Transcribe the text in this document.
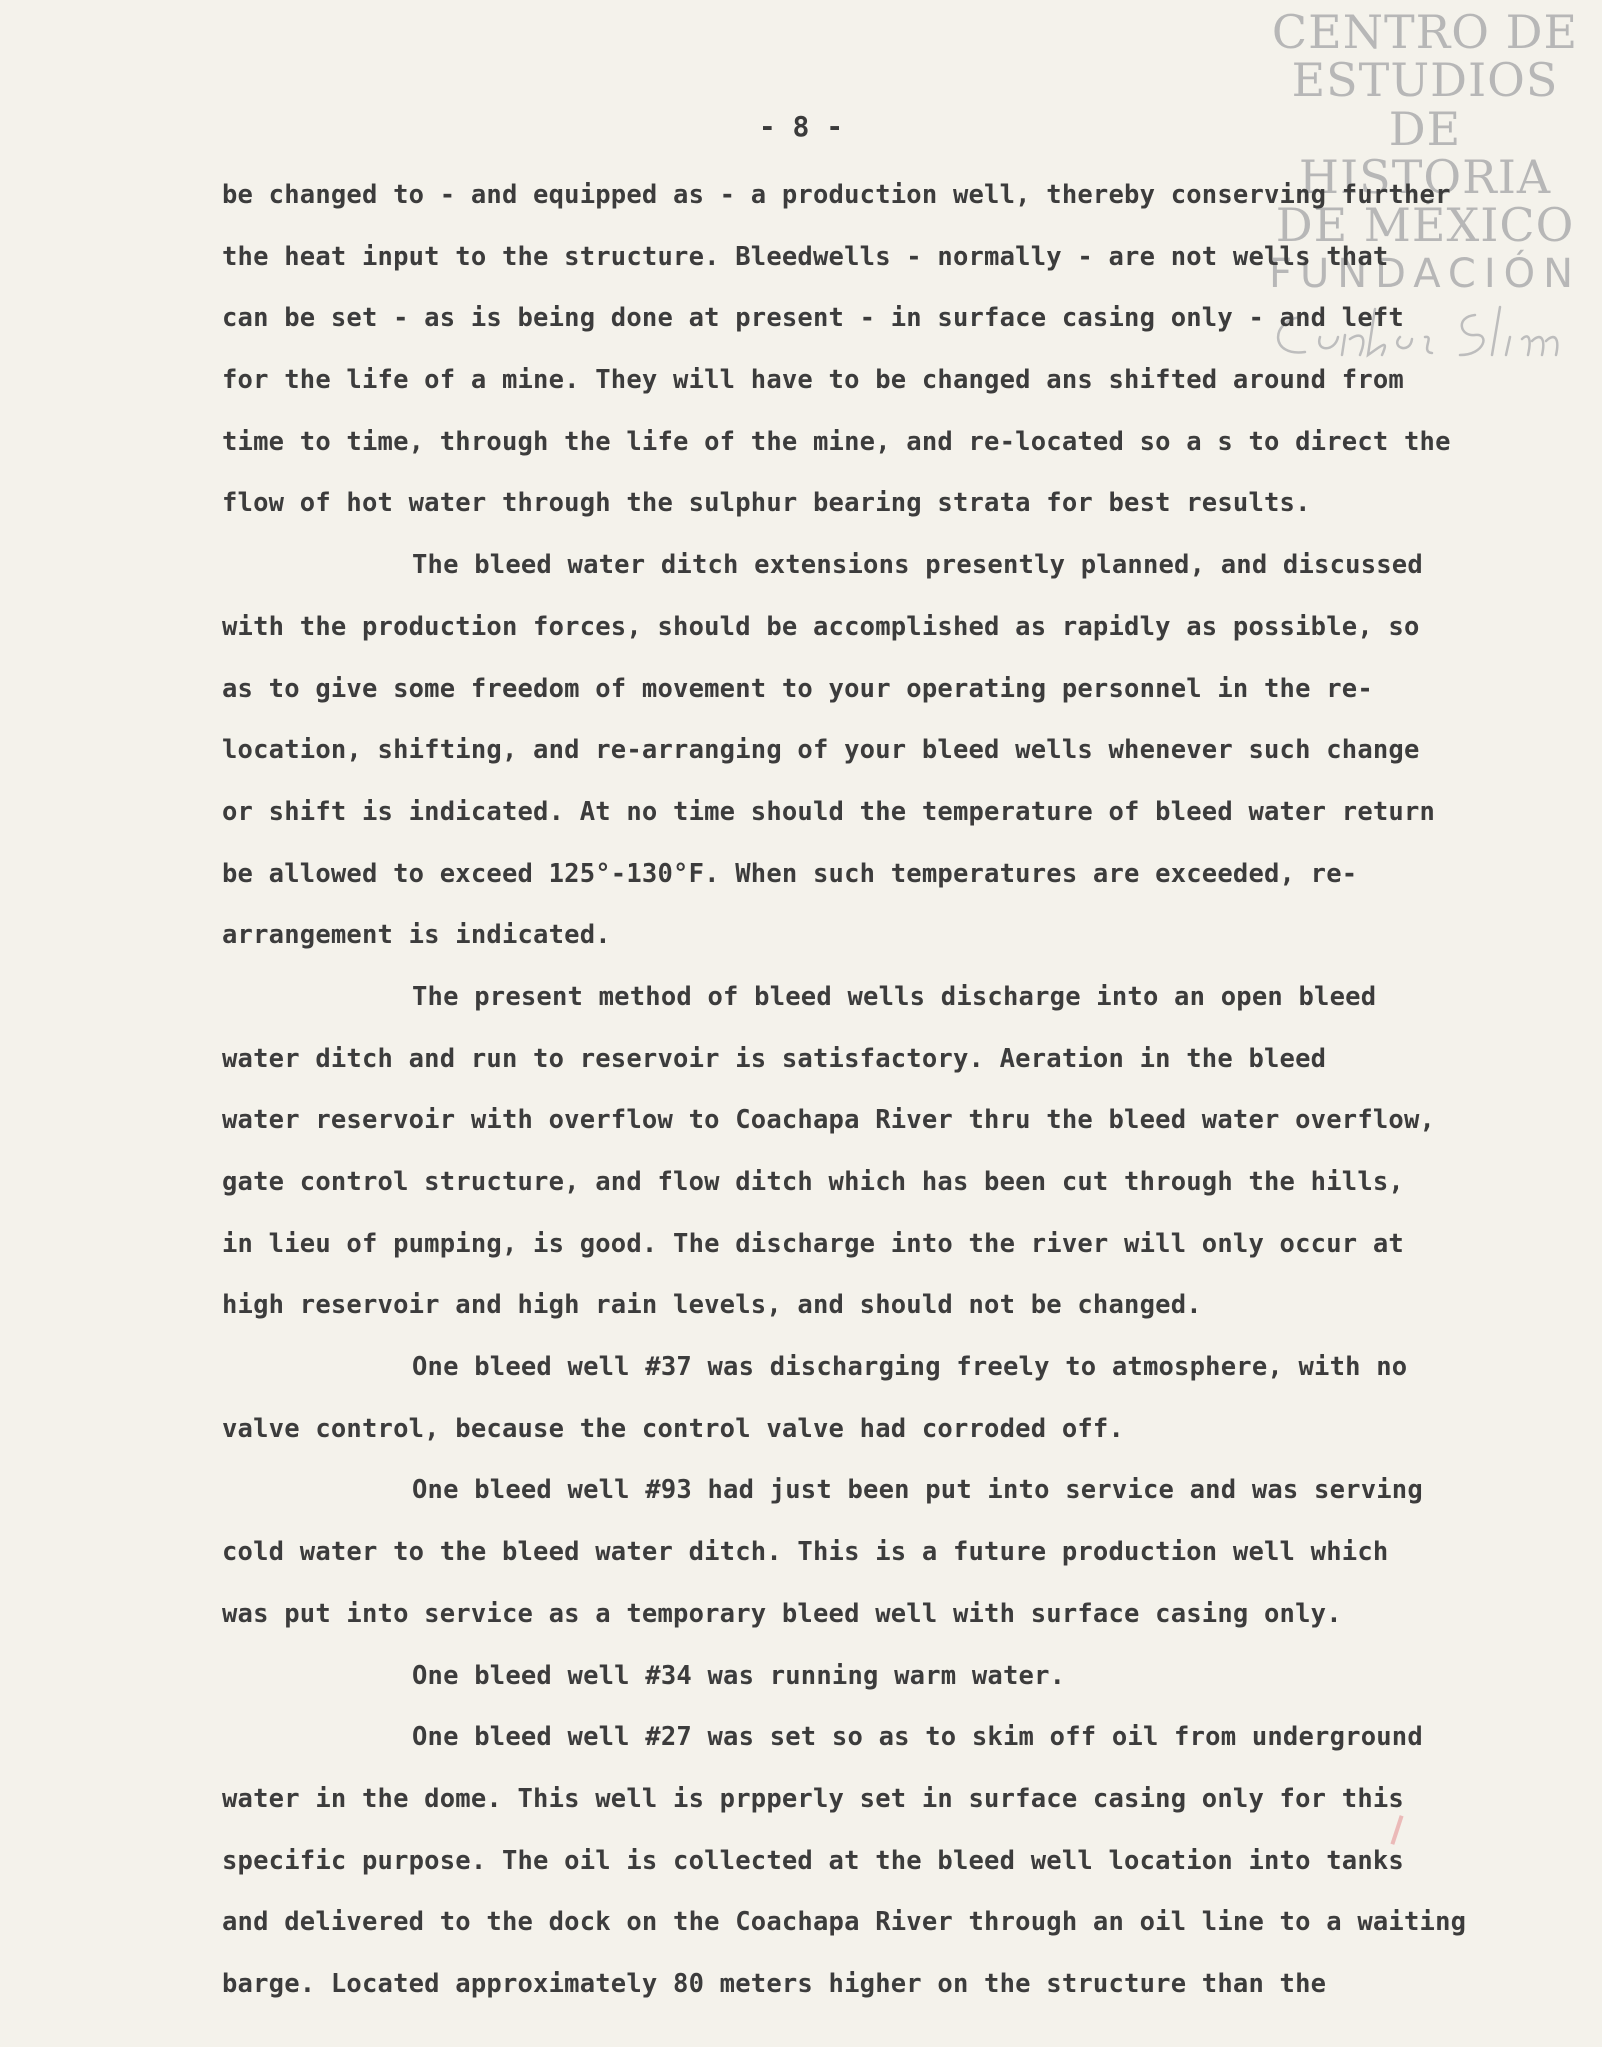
CENTRO DE
ESTUDIOS
DE HISTORIA
DE MÉXICO
FUNDACIÓN
- 8 -
be changed to - and equipped as - a production well, thereby conserving further
the heat input to the structure. Bleedwells - normally - are not wells that
can be set - as is being done at present - in surface casing only - and left
for the life of a mine. They will have to be changed ans shifted around from
time to time, through the life of the mine, and re-located so a s to direct the
flow of hot water through the sulphur bearing strata for best results.
The bleed water ditch extensions presently planned, and discussed
with the production forces, should be accomplished as rapidly as possible, so
as to give some freedom of movement to your operating personnel in the re-
location, shifting, and re-arranging of your bleed wells whenever such change
or shift is indicated. At no time should the temperature of bleed water return
be allowed to exceed 125°-130°F. When such temperatures are exceeded, re-
arrangement is indicated.
The present method of bleed wells discharge into an open bleed
water ditch and run to reservoir is satisfactory. Aeration in the bleed
water reservoir with overflow to Coachapa River thru the bleed water overflow,
gate control structure, and flow ditch which has been cut through the hills,
in lieu of pumping, is good. The discharge into the river will only occur at
high reservoir and high rain levels, and should not be changed.
One bleed well #37 was discharging freely to atmosphere, with no
valve control, because the control valve had corroded off.
One bleed well #93 had just been put into service and was serving
cold water to the bleed water ditch. This is a future production well which
was put into service as a temporary bleed well with surface casing only.
One bleed well #34 was running warm water.
One bleed well #27 was set so as to skim off oil from underground
water in the dome. This well is prpperly set in surface casing only for this
specific purpose. The oil is collected at the bleed well location into tanks
and delivered to the dock on the Coachapa River through an oil line to a waiting
barge. Located approximately 80 meters higher on the structure than the
